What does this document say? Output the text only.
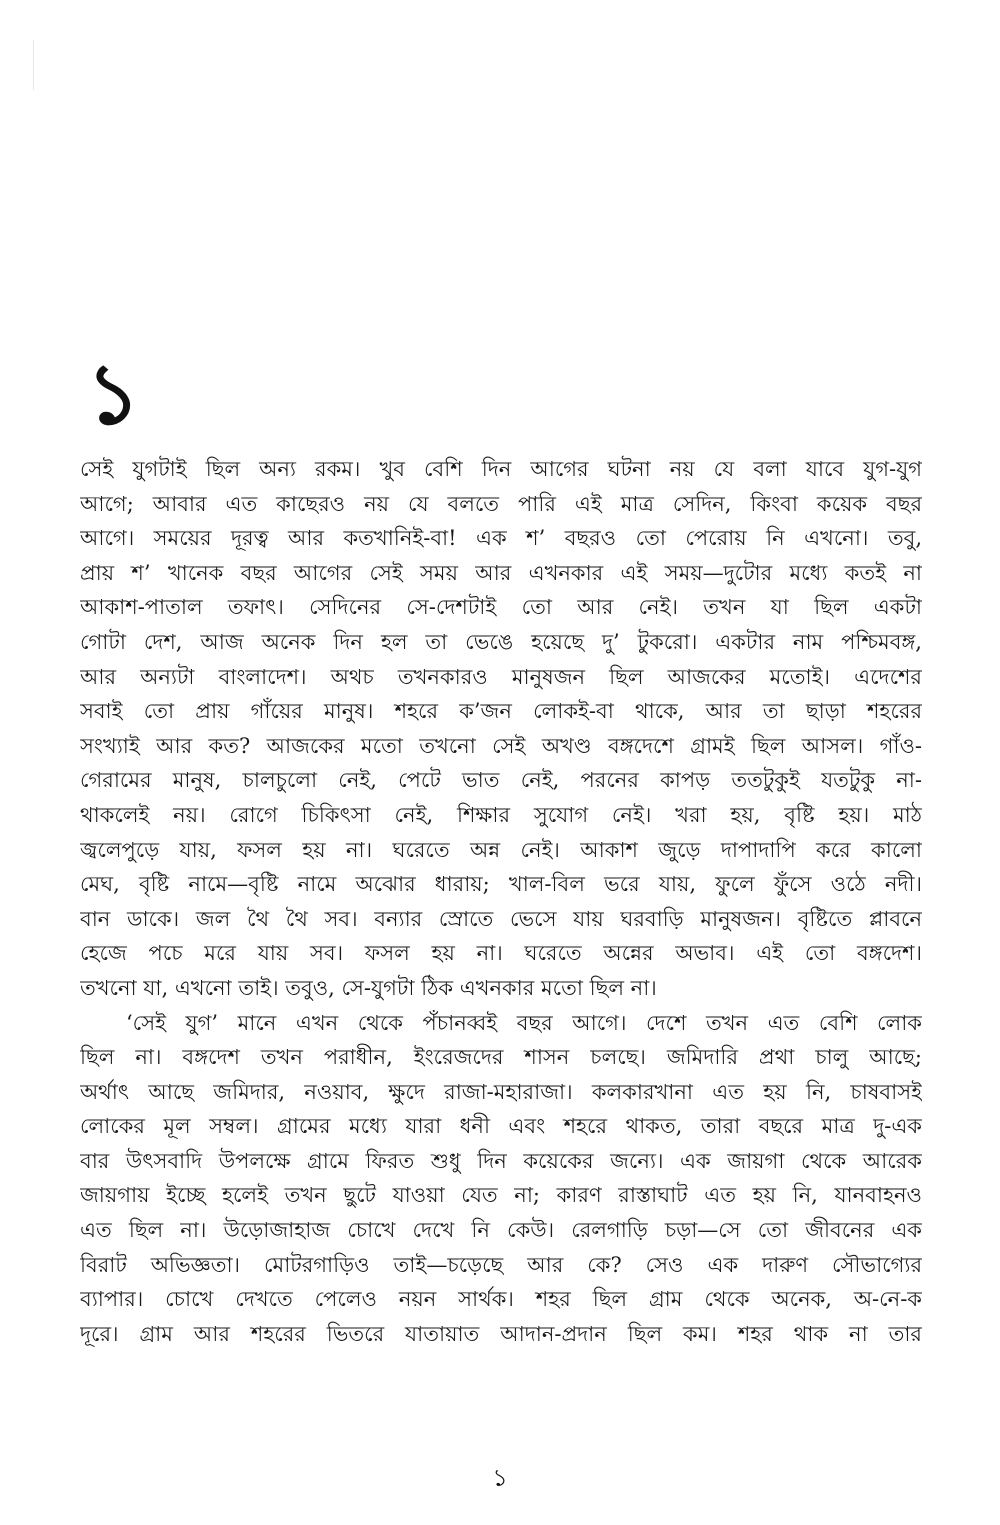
১
সেই যুগটাই ছিল অন্য রকম। খুব বেশি দিন আগের ঘটনা নয় যে বলা যাবে যুগ-যুগ
আগে; আবার এত কাছেরও নয় যে বলতে পারি এই মাত্র সেদিন, কিংবা কয়েক বছর
আগে। সময়ের দূরত্ব আর কতখানিই-বা! এক শ’ বছরও তো পেরোয় নি এখনো। তবু,
প্রায় শ’ খানেক বছর আগের সেই সময় আর এখনকার এই সময়—দুটোর মধ্যে কতই না
আকাশ-পাতাল তফাৎ। সেদিনের সে-দেশটাই তো আর নেই। তখন যা ছিল একটা
গোটা দেশ, আজ অনেক দিন হল তা ভেঙে হয়েছে দু’ টুকরো। একটার নাম পশ্চিমবঙ্গ,
আর অন্যটা বাংলাদেশ। অথচ তখনকারও মানুষজন ছিল আজকের মতোই। এদেশের
সবাই তো প্রায় গাঁয়ের মানুষ। শহরে ক’জন লোকই-বা থাকে, আর তা ছাড়া শহরের
সংখ্যাই আর কত? আজকের মতো তখনো সেই অখণ্ড বঙ্গদেশে গ্রামই ছিল আসল। গাঁও-
গেরামের মানুষ, চালচুলো নেই, পেটে ভাত নেই, পরনের কাপড় ততটুকুই যতটুকু না-
থাকলেই নয়। রোগে চিকিৎসা নেই, শিক্ষার সুযোগ নেই। খরা হয়, বৃষ্টি হয়। মাঠ
জ্বলেপুড়ে যায়, ফসল হয় না। ঘরেতে অন্ন নেই। আকাশ জুড়ে দাপাদাপি করে কালো
মেঘ, বৃষ্টি নামে—বৃষ্টি নামে অঝোর ধারায়; খাল-বিল ভরে যায়, ফুলে ফুঁসে ওঠে নদী।
বান ডাকে। জল থৈ থৈ সব। বন্যার স্রোতে ভেসে যায় ঘরবাড়ি মানুষজন। বৃষ্টিতে প্লাবনে
হেজে পচে মরে যায় সব। ফসল হয় না। ঘরেতে অন্নের অভাব। এই তো বঙ্গদেশ।
তখনো যা, এখনো তাই। তবুও, সে-যুগটা ঠিক এখনকার মতো ছিল না।
‘সেই যুগ’ মানে এখন থেকে পঁচানব্বই বছর আগে। দেশে তখন এত বেশি লোক
ছিল না। বঙ্গদেশ তখন পরাধীন, ইংরেজদের শাসন চলছে। জমিদারি প্রথা চালু আছে;
অর্থাৎ আছে জমিদার, নওয়াব, ক্ষুদে রাজা-মহারাজা। কলকারখানা এত হয় নি, চাষবাসই
লোকের মূল সম্বল। গ্রামের মধ্যে যারা ধনী এবং শহরে থাকত, তারা বছরে মাত্র দু-এক
বার উৎসবাদি উপলক্ষে গ্রামে ফিরত শুধু দিন কয়েকের জন্যে। এক জায়গা থেকে আরেক
জায়গায় ইচ্ছে হলেই তখন ছুটে যাওয়া যেত না; কারণ রাস্তাঘাট এত হয় নি, যানবাহনও
এত ছিল না। উড়োজাহাজ চোখে দেখে নি কেউ। রেলগাড়ি চড়া—সে তো জীবনের এক
বিরাট অভিজ্ঞতা। মোটরগাড়িও তাই—চড়েছে আর কে? সেও এক দারুণ সৌভাগ্যের
ব্যাপার। চোখে দেখতে পেলেও নয়ন সার্থক। শহর ছিল গ্রাম থেকে অনেক, অ-নে-ক
দূরে। গ্রাম আর শহরের ভিতরে যাতায়াত আদান-প্রদান ছিল কম। শহর থাক না তার
১
